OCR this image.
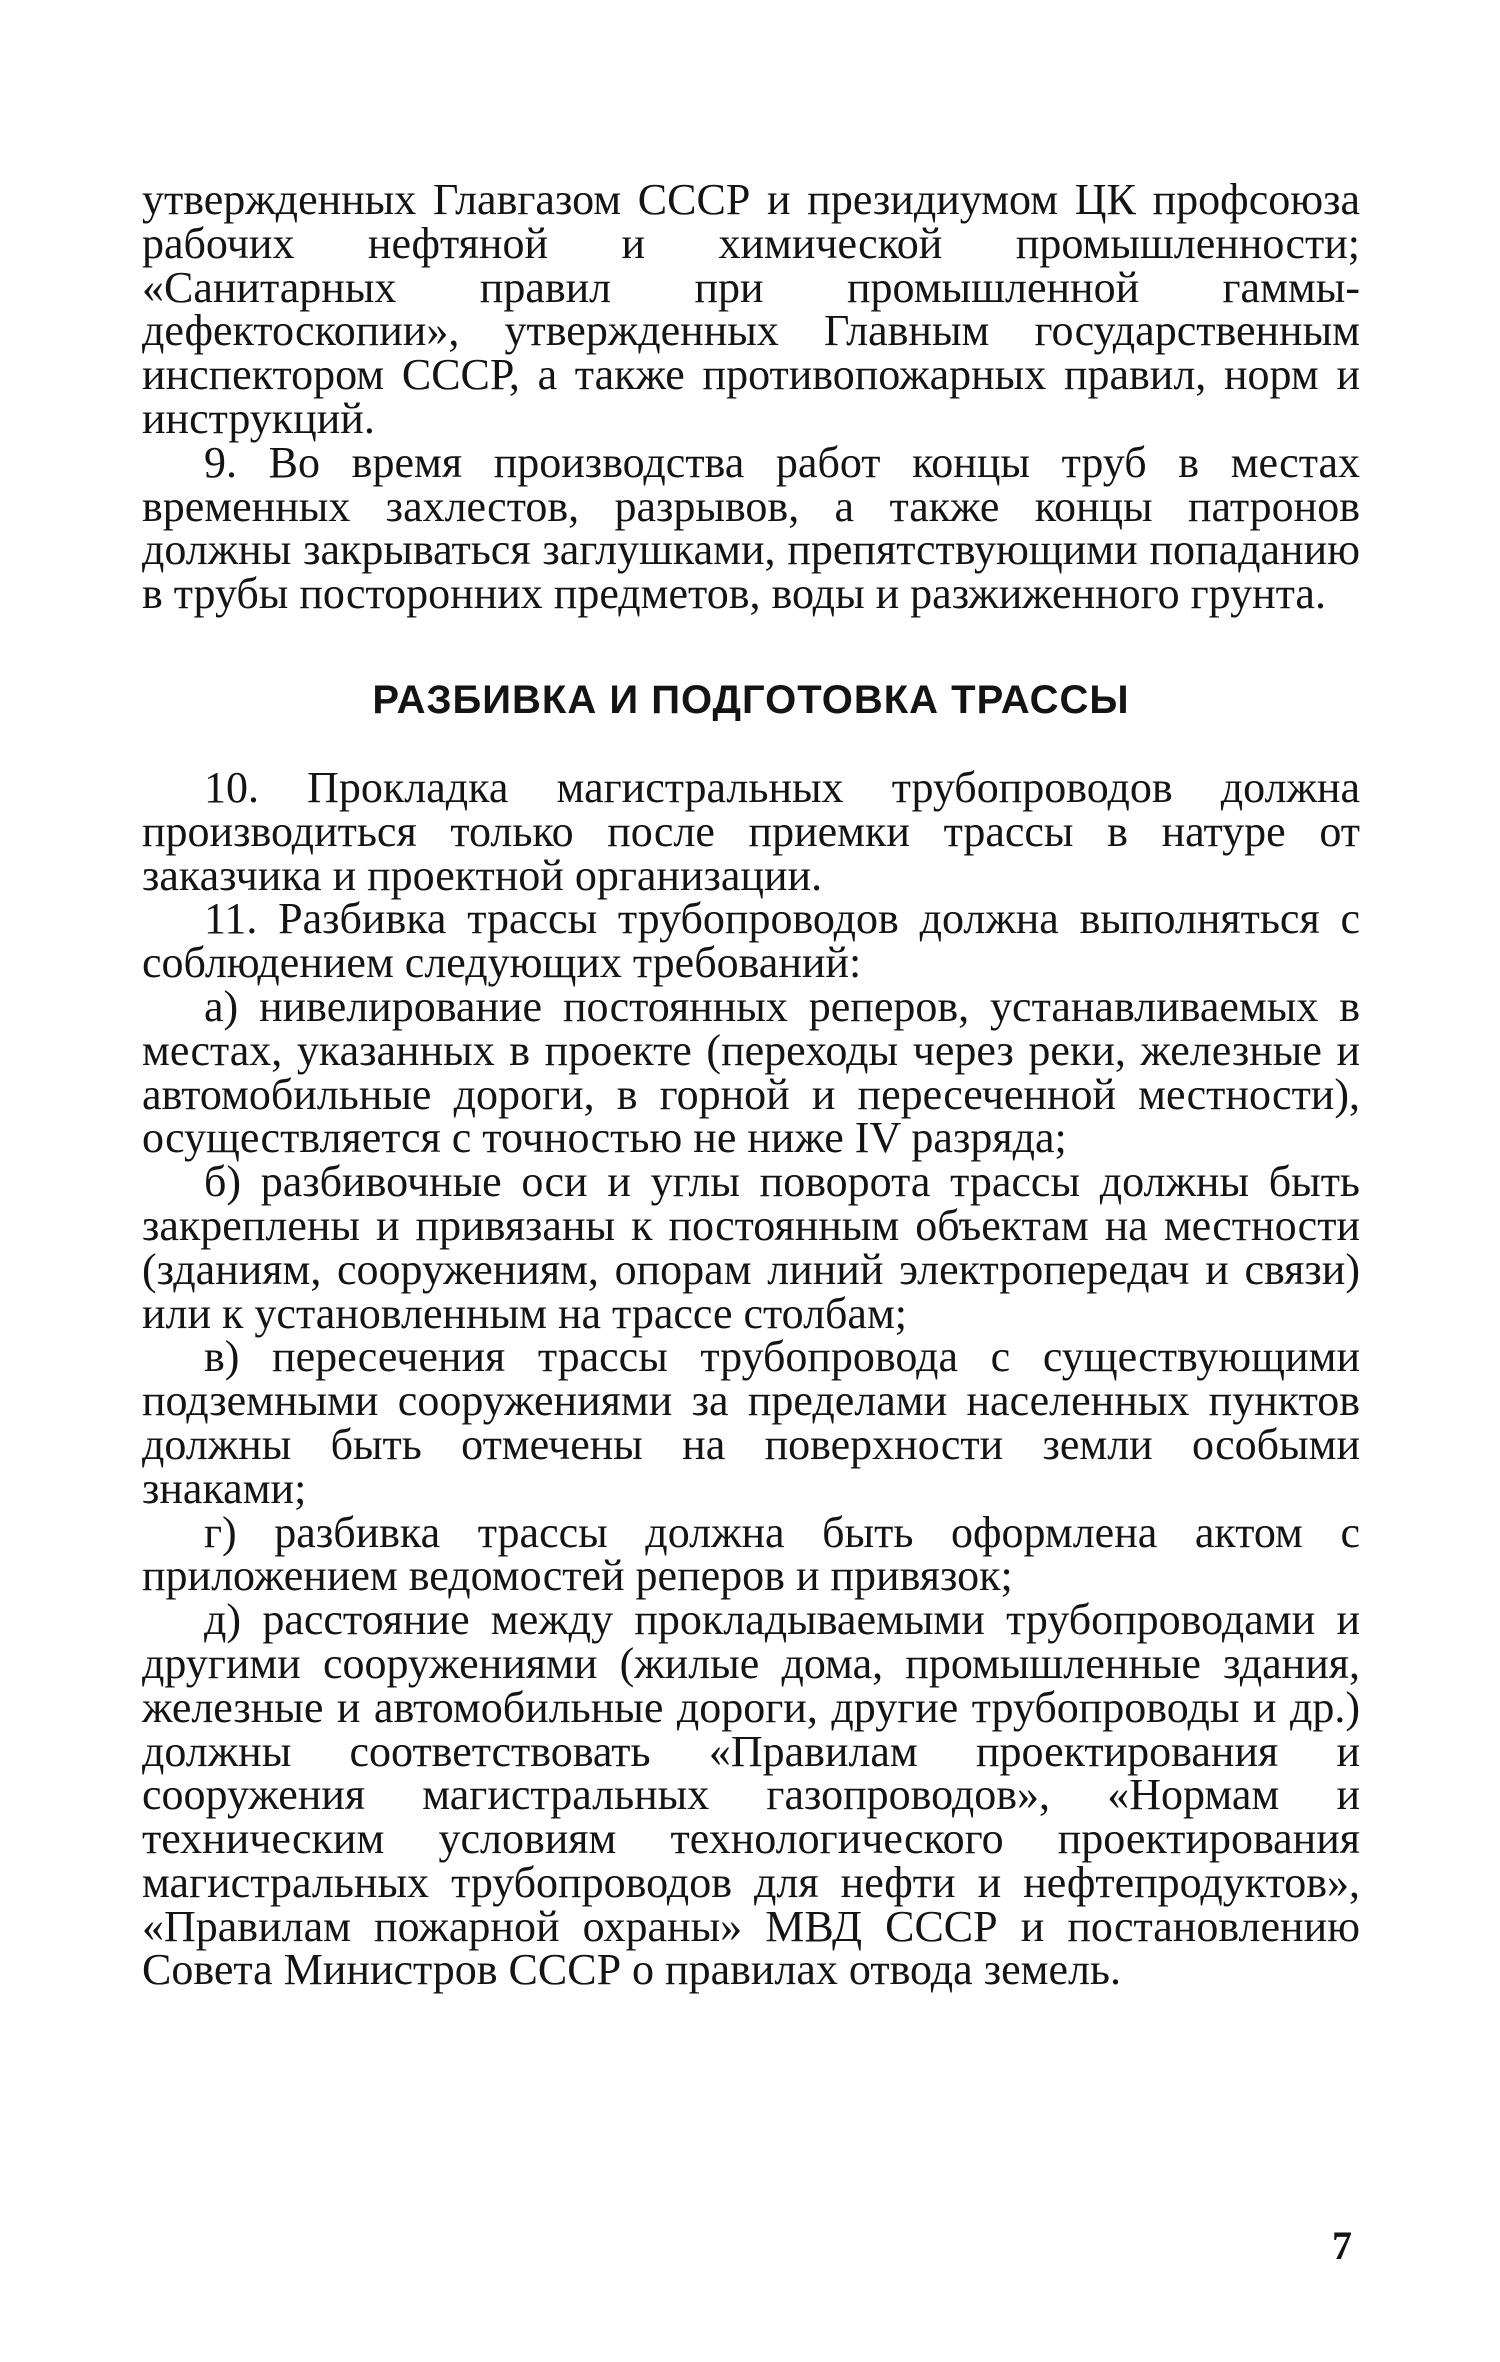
утвержденных Главгазом СССР и президиумом ЦК профсоюза рабочих нефтяной и химической промышленности; «Санитарных правил при промышленной гаммы-дефектоскопии», утвержденных Главным государственным инспектором СССР, а также противопожарных правил, норм и инструкций.

9. Во время производства работ концы труб в местах временных захлестов, разрывов, а также концы патронов должны закрываться заглушками, препятствующими попаданию в трубы посторонних предметов, воды и разжиженного грунта.

РАЗБИВКА И ПОДГОТОВКА ТРАССЫ

10. Прокладка магистральных трубопроводов должна производиться только после приемки трассы в натуре от заказчика и проектной организации.

11. Разбивка трассы трубопроводов должна выполняться с соблюдением следующих требований:

а) нивелирование постоянных реперов, устанавливаемых в местах, указанных в проекте (переходы через реки, железные и автомобильные дороги, в горной и пересеченной местности), осуществляется с точностью не ниже IV разряда;

б) разбивочные оси и углы поворота трассы должны быть закреплены и привязаны к постоянным объектам на местности (зданиям, сооружениям, опорам линий электропередач и связи) или к установленным на трассе столбам;

в) пересечения трассы трубопровода с существующими подземными сооружениями за пределами населенных пунктов должны быть отмечены на поверхности земли особыми знаками;

г) разбивка трассы должна быть оформлена актом с приложением ведомостей реперов и привязок;

д) расстояние между прокладываемыми трубопроводами и другими сооружениями (жилые дома, промышленные здания, железные и автомобильные дороги, другие трубопроводы и др.) должны соответствовать «Правилам проектирования и сооружения магистральных газопроводов», «Нормам и техническим условиям технологического проектирования магистральных трубопроводов для нефти и нефтепродуктов», «Правилам пожарной охраны» МВД СССР и постановлению Совета Министров СССР о правилах отвода земель.

7
